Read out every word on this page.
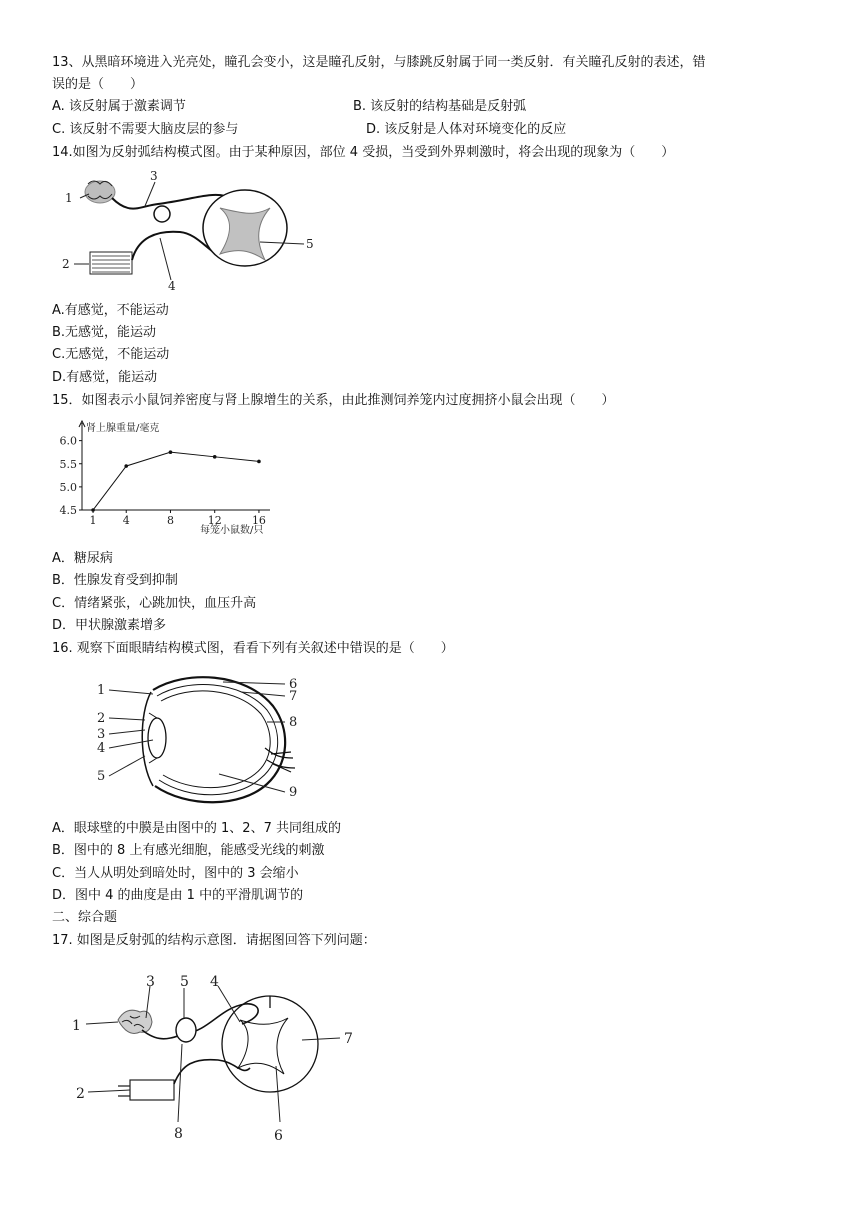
13、从黑暗环境进入光亮处，瞳孔会变小，这是瞳孔反射，与膝跳反射属于同一类反射．有关瞳孔反射的表述，错
误的是（　　）
A. 该反射属于激素调节	B. 该反射的结构基础是反射弧
C. 该反射不需要大脑皮层的参与	D. 该反射是人体对环境变化的反应
14.如图为反射弧结构模式图。由于某种原因，部位 4 受损，当受到外界刺激时，将会出现的现象为（　　）
1
2
3
4
5
A.有感觉，不能运动
B.无感觉，能运动
C.无感觉，不能运动
D.有感觉，能运动
15．如图表示小鼠饲养密度与肾上腺增生的关系，由此推测饲养笼内过度拥挤小鼠会出现（　　）
肾上腺重量/毫克
每笼小鼠数/只
4.5
5.0
5.5
6.0
1 4	8	12	16
A．糖尿病
B．性腺发育受到抑制
C．情绪紧张，心跳加快，血压升高
D．甲状腺激素增多
16. 观察下面眼睛结构模式图，看看下列有关叙述中错误的是（　　）
1
2
3
4
5
6
7
8
9
A．眼球壁的中膜是由图中的 1、2、7 共同组成的
B．图中的 8 上有感光细胞，能感受光线的刺激
C．当人从明处到暗处时，图中的 3 会缩小
D．图中 4 的曲度是由 1 中的平滑肌调节的
二、综合题
17. 如图是反射弧的结构示意图．请据图回答下列问题：
1
2
3	4
5
6
7
8
